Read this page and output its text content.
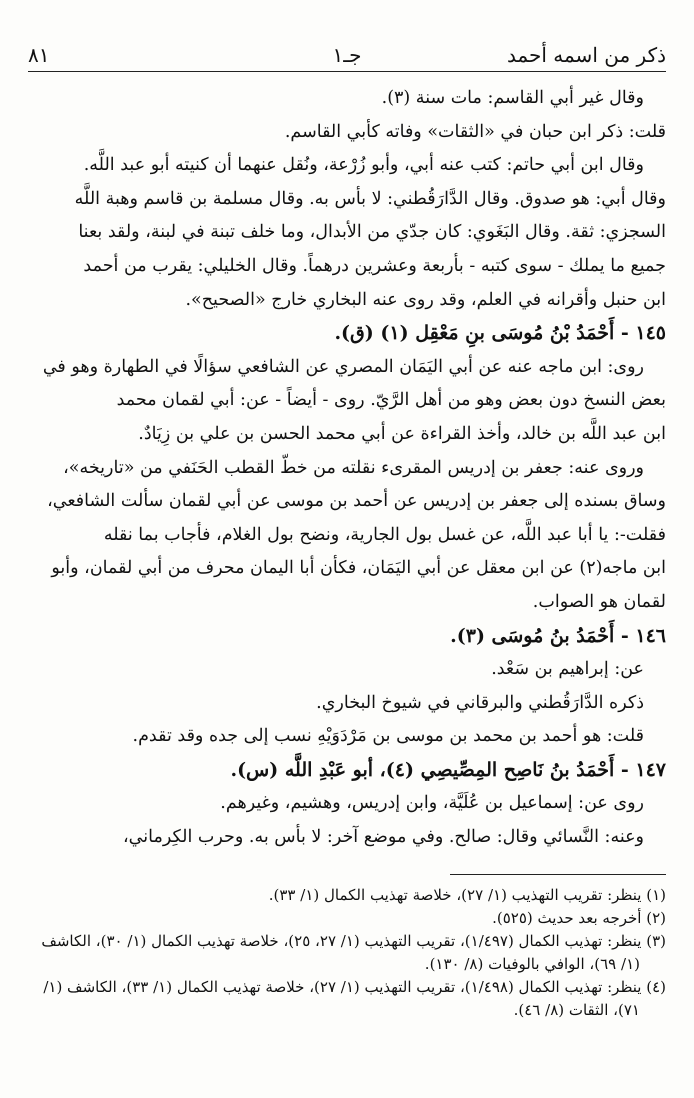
ذكر من اسمه أحمد
جـ١
٨١

وقال غير أبي القاسم: مات سنة (٣).

قلت: ذكر ابن حبان في «الثقات» وفاته كأبي القاسم.

وقال ابن أبي حاتم: كتب عنه أبي، وأبو زُرْعة، ونُقل عنهما أن كنيته أبو عبد اللَّه.

وقال أبي: هو صدوق. وقال الدَّارَقُطني: لا بأس به. وقال مسلمة بن قاسم وهبة اللَّه

السجزي: ثقة. وقال البَغَوي: كان جدّي من الأبدال، وما خلف تبنة في لبنة، ولقد بعنا

جميع ما يملك - سوى كتبه - بأربعة وعشرين درهماً. وقال الخليلي: يقرب من أحمد

ابن حنبل وأقرانه في العلم، وقد روى عنه البخاري خارج «الصحيح».

١٤٥ - أَحْمَدُ بْنُ مُوسَى بنِ مَعْقِل (١) (ق).

روى: ابن ماجه عنه عن أبي اليَمَان المصري عن الشافعي سؤالًا في الطهارة وهو في

بعض النسخ دون بعض وهو من أهل الرَّيّ. روى - أيضاً - عن: أبي لقمان محمد

ابن عبد اللَّه بن خالد، وأخذ القراءة عن أبي محمد الحسن بن علي بن زِيَادٌ.

وروى عنه: جعفر بن إدريس المقرىء نقلته من خطّ القطب الحَنَفي من «تاريخه»،

وساق بسنده إلى جعفر بن إدريس عن أحمد بن موسى عن أبي لقمان سألت الشافعي،

فقلت-: يا أبا عبد اللَّه، عن غسل بول الجارية، ونضح بول الغلام، فأجاب بما نقله

ابن ماجه(٢) عن ابن معقل عن أبي اليَمَان، فكأن أبا اليمان محرف من أبي لقمان، وأبو

لقمان هو الصواب.

١٤٦ - أَحْمَدُ بنُ مُوسَى (٣).

عن: إبراهيم بن سَعْد.

ذكره الدَّارَقُطني والبرقاني في شيوخ البخاري.

قلت: هو أحمد بن محمد بن موسى بن مَرْدَوَيْهِ نسب إلى جده وقد تقدم.

١٤٧ - أَحْمَدُ بنُ نَاصِح المِصِّيصِي (٤)، أبو عَبْدِ اللَّه (س).

روى عن: إسماعيل بن عُلَيَّة، وابن إدريس، وهشيم، وغيرهم.

وعنه: النَّسائي وقال: صالح. وفي موضع آخر: لا بأس به. وحرب الكِرماني،

(١) ينظر: تقريب التهذيب (١/ ٢٧)، خلاصة تهذيب الكمال (١/ ٣٣).

(٢) أخرجه بعد حديث (٥٢٥).

(٣) ينظر: تهذيب الكمال (١/٤٩٧)، تقريب التهذيب (١/ ٢٧، ٢٥)، خلاصة تهذيب الكمال (١/ ٣٠)، الكاشف (١/ ٦٩)، الوافي بالوفيات (٨/ ١٣٠).

(٤) ينظر: تهذيب الكمال (١/٤٩٨)، تقريب التهذيب (١/ ٢٧)، خلاصة تهذيب الكمال (١/ ٣٣)، الكاشف (١/ ٧١)، الثقات (٨/ ٤٦).
